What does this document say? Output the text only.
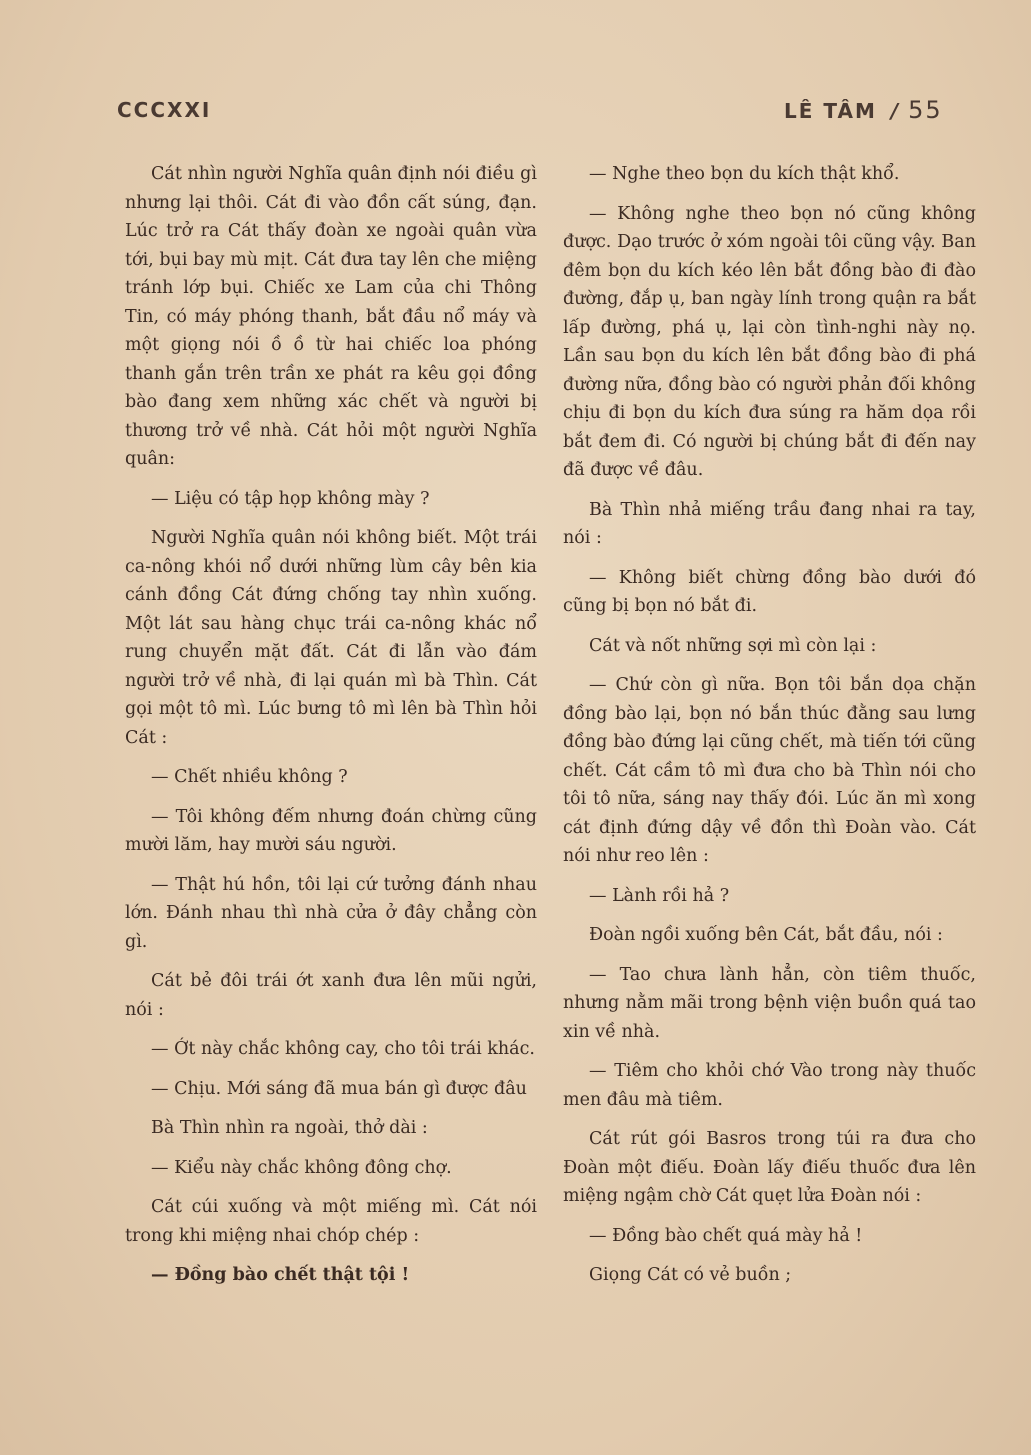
CCCXXI	LÊ TÂM / 55

Cát nhìn người Nghĩa quân định nói điều gì nhưng lại thôi. Cát đi vào đồn cất súng, đạn. Lúc trở ra Cát thấy đoàn xe ngoài quân vừa tới, bụi bay mù mịt. Cát đưa tay lên che miệng tránh lớp bụi. Chiếc xe Lam của chi Thông Tin, có máy phóng thanh, bắt đầu nổ máy và một giọng nói ồ ồ từ hai chiếc loa phóng thanh gắn trên trần xe phát ra kêu gọi đồng bào đang xem những xác chết và người bị thương trở về nhà. Cát hỏi một người Nghĩa quân:

— Liệu có tập họp không mày ?

Người Nghĩa quân nói không biết. Một trái ca-nông khói nổ dưới những lùm cây bên kia cánh đồng Cát đứng chống tay nhìn xuống. Một lát sau hàng chục trái ca-nông khác nổ rung chuyển mặt đất. Cát đi lẫn vào đám người trở về nhà, đi lại quán mì bà Thìn. Cát gọi một tô mì. Lúc bưng tô mì lên bà Thìn hỏi Cát :

— Chết nhiều không ?

— Tôi không đếm nhưng đoán chừng cũng mười lăm, hay mười sáu người.

— Thật hú hồn, tôi lại cứ tưởng đánh nhau lớn. Đánh nhau thì nhà cửa ở đây chẳng còn gì.

Cát bẻ đôi trái ớt xanh đưa lên mũi ngửi, nói :

— Ớt này chắc không cay, cho tôi trái khác.

— Chịu. Mới sáng đã mua bán gì được đâu

Bà Thìn nhìn ra ngoài, thở dài :

— Kiểu này chắc không đông chợ.

Cát cúi xuống và một miếng mì. Cát nói trong khi miệng nhai chóp chép :

— Đồng bào chết thật tội !

— Nghe theo bọn du kích thật khổ.

— Không nghe theo bọn nó cũng không được. Dạo trước ở xóm ngoài tôi cũng vậy. Ban đêm bọn du kích kéo lên bắt đồng bào đi đào đường, đắp ụ, ban ngày lính trong quận ra bắt lấp đường, phá ụ, lại còn tình-nghi này nọ. Lần sau bọn du kích lên bắt đồng bào đi phá đường nữa, đồng bào có người phản đối không chịu đi bọn du kích đưa súng ra hăm dọa rồi bắt đem đi. Có người bị chúng bắt đi đến nay đã được về đâu.

Bà Thìn nhả miếng trầu đang nhai ra tay, nói :

— Không biết chừng đồng bào dưới đó cũng bị bọn nó bắt đi.

Cát và nốt những sợi mì còn lại :

— Chứ còn gì nữa. Bọn tôi bắn dọa chặn đồng bào lại, bọn nó bắn thúc đằng sau lưng đồng bào đứng lại cũng chết, mà tiến tới cũng chết. Cát cầm tô mì đưa cho bà Thìn nói cho tôi tô nữa, sáng nay thấy đói. Lúc ăn mì xong cát định đứng dậy về đồn thì Đoàn vào. Cát nói như reo lên :

— Lành rồi hả ?

Đoàn ngồi xuống bên Cát, bắt đầu, nói :

— Tao chưa lành hẳn, còn tiêm thuốc, nhưng nằm mãi trong bệnh viện buồn quá tao xin về nhà.

— Tiêm cho khỏi chớ Vào trong này thuốc men đâu mà tiêm.

Cát rút gói Basros trong túi ra đưa cho Đoàn một điếu. Đoàn lấy điếu thuốc đưa lên miệng ngậm chờ Cát quẹt lửa Đoàn nói :

— Đồng bào chết quá mày hả !

Giọng Cát có vẻ buồn ;
